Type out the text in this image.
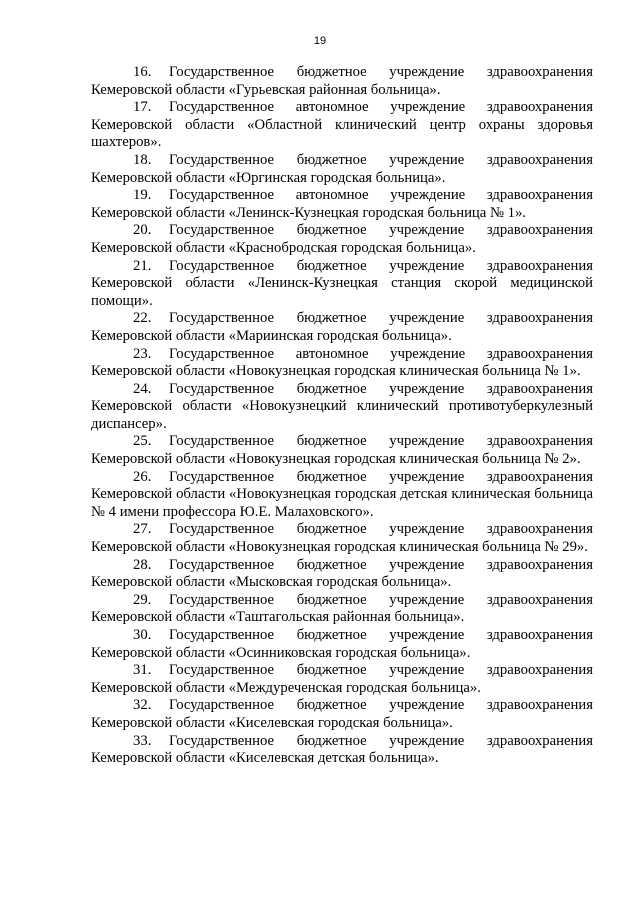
19

16. Государственное бюджетное учреждение здравоохранения Кемеровской области «Гурьевская районная больница».

17. Государственное автономное учреждение здравоохранения Кемеровской области «Областной клинический центр охраны здоровья шахтеров».

18. Государственное бюджетное учреждение здравоохранения Кемеровской области «Юргинская городская больница».

19. Государственное автономное учреждение здравоохранения Кемеровской области «Ленинск-Кузнецкая городская больница № 1».

20. Государственное бюджетное учреждение здравоохранения Кемеровской области «Краснобродская городская больница».

21. Государственное бюджетное учреждение здравоохранения Кемеровской области «Ленинск-Кузнецкая станция скорой медицинской помощи».

22. Государственное бюджетное учреждение здравоохранения Кемеровской области «Мариинская городская больница».

23. Государственное автономное учреждение здравоохранения Кемеровской области «Новокузнецкая городская клиническая больница № 1».

24. Государственное бюджетное учреждение здравоохранения Кемеровской области «Новокузнецкий клинический противотуберкулезный диспансер».

25. Государственное бюджетное учреждение здравоохранения Кемеровской области «Новокузнецкая городская клиническая больница № 2».

26. Государственное бюджетное учреждение здравоохранения Кемеровской области «Новокузнецкая городская детская клиническая больница № 4 имени профессора Ю.Е. Малаховского».

27. Государственное бюджетное учреждение здравоохранения Кемеровской области «Новокузнецкая городская клиническая больница № 29».

28. Государственное бюджетное учреждение здравоохранения Кемеровской области «Мысковская городская больница».

29. Государственное бюджетное учреждение здравоохранения Кемеровской области «Таштагольская районная больница».

30. Государственное бюджетное учреждение здравоохранения Кемеровской области «Осинниковская городская больница».

31. Государственное бюджетное учреждение здравоохранения Кемеровской области «Междуреченская городская больница».

32. Государственное бюджетное учреждение здравоохранения Кемеровской области «Киселевская городская больница».

33. Государственное бюджетное учреждение здравоохранения Кемеровской области «Киселевская детская больница».
